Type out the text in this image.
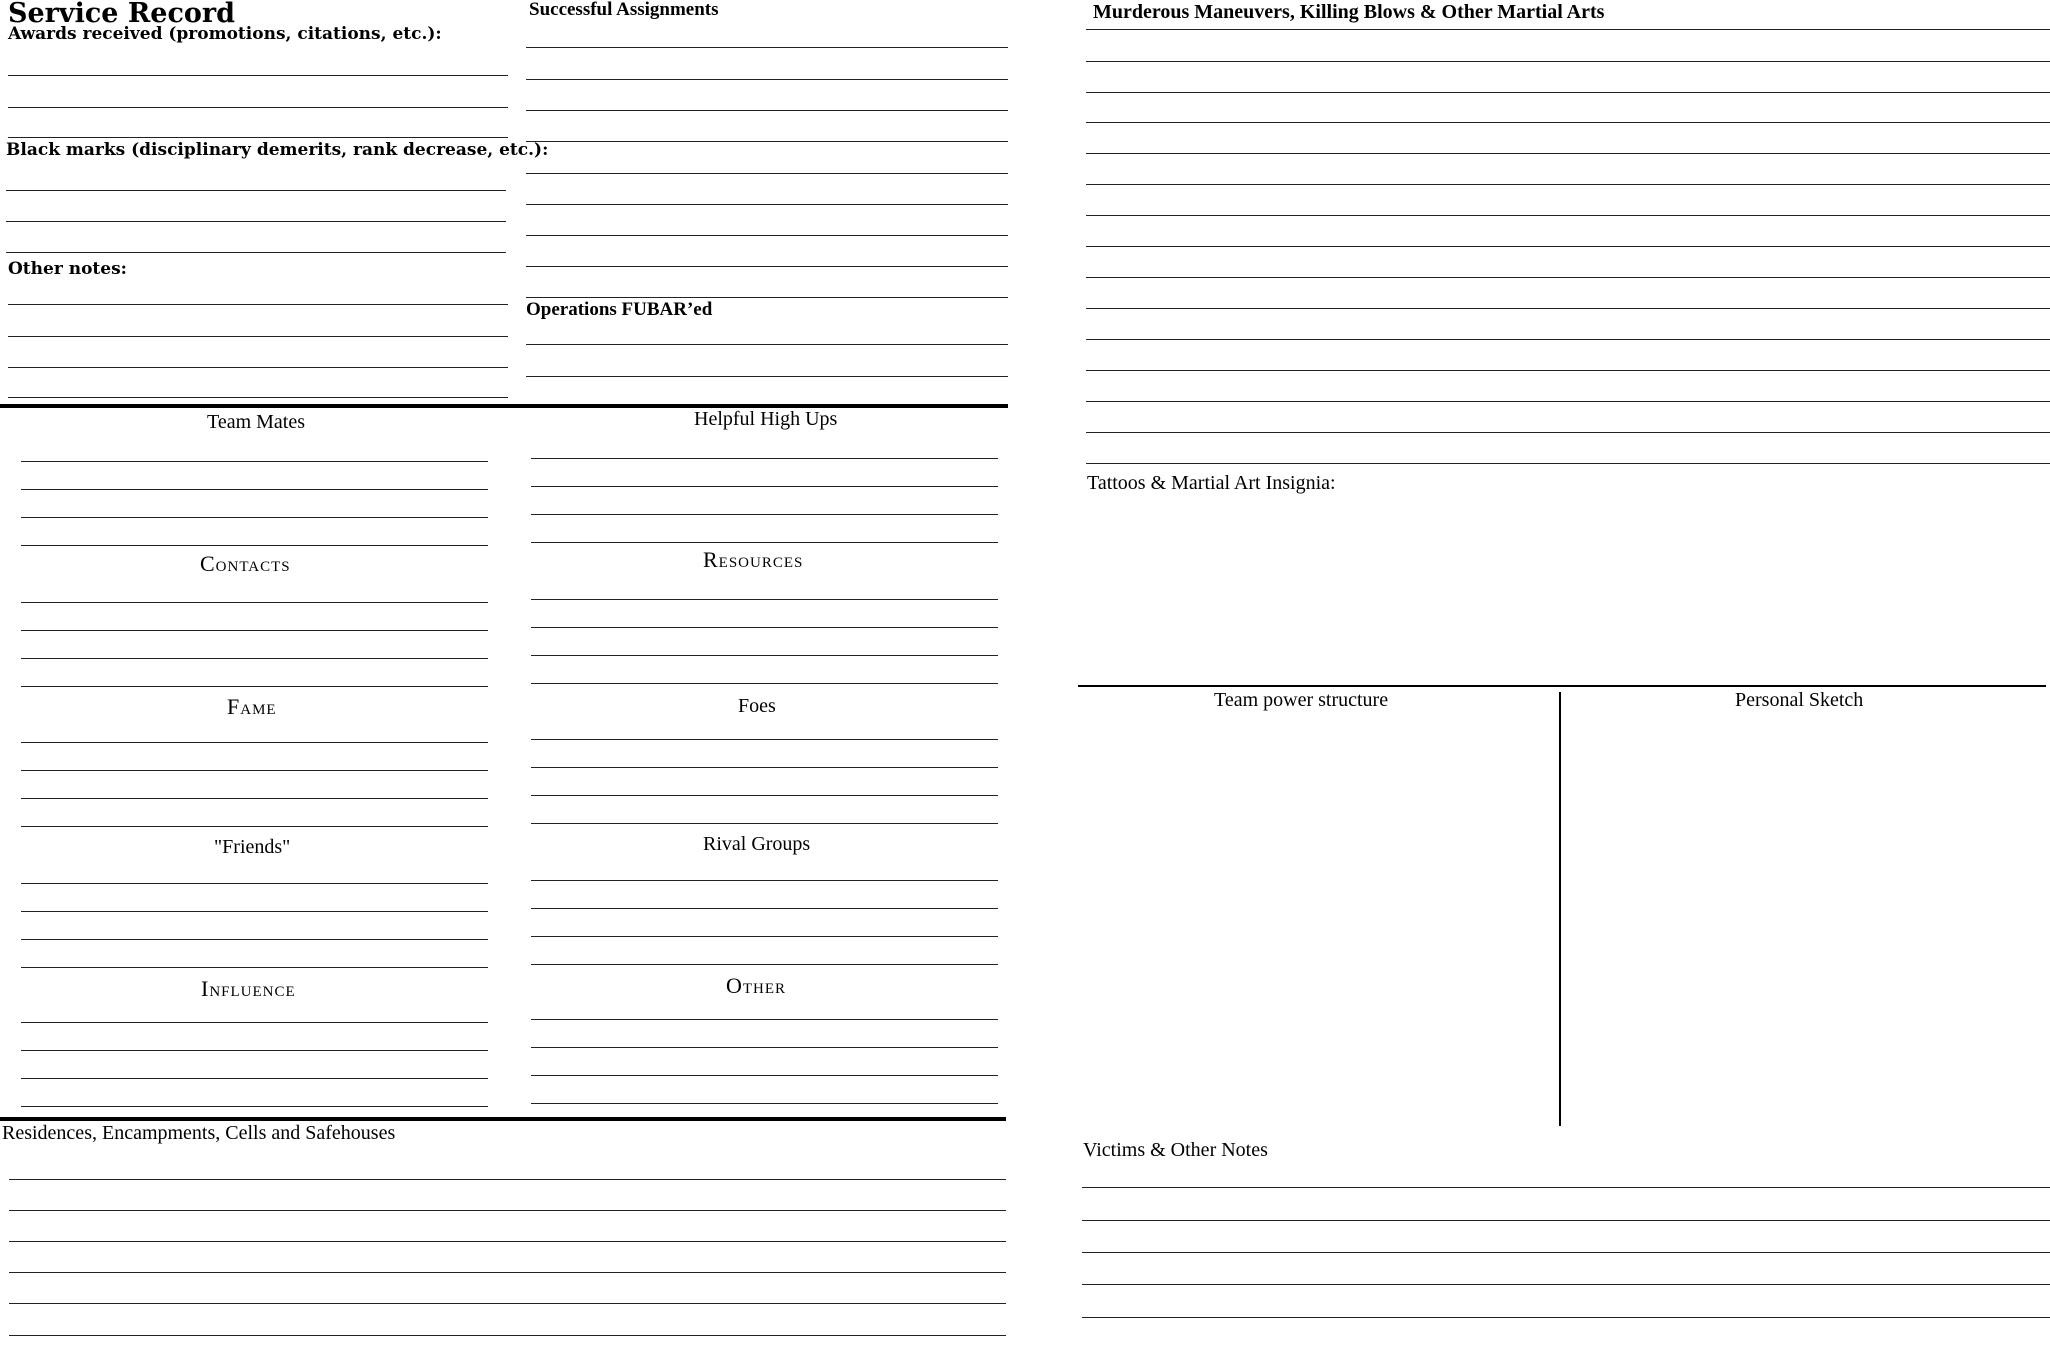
Service Record
Awards received (promotions, citations, etc.):
Black marks (disciplinary demerits, rank decrease, etc.):
Other notes:
Successful Assignments
Operations FUBAR’ed
Team Mates
Contacts
Fame
"Friends"
Influence
Helpful High Ups
Resources
Foes
Rival Groups
Other
Residences, Encampments, Cells and Safehouses
Murderous Maneuvers, Killing Blows & Other Martial Arts
Tattoos & Martial Art Insignia:
Team power structure	Personal Sketch
Victims & Other Notes
